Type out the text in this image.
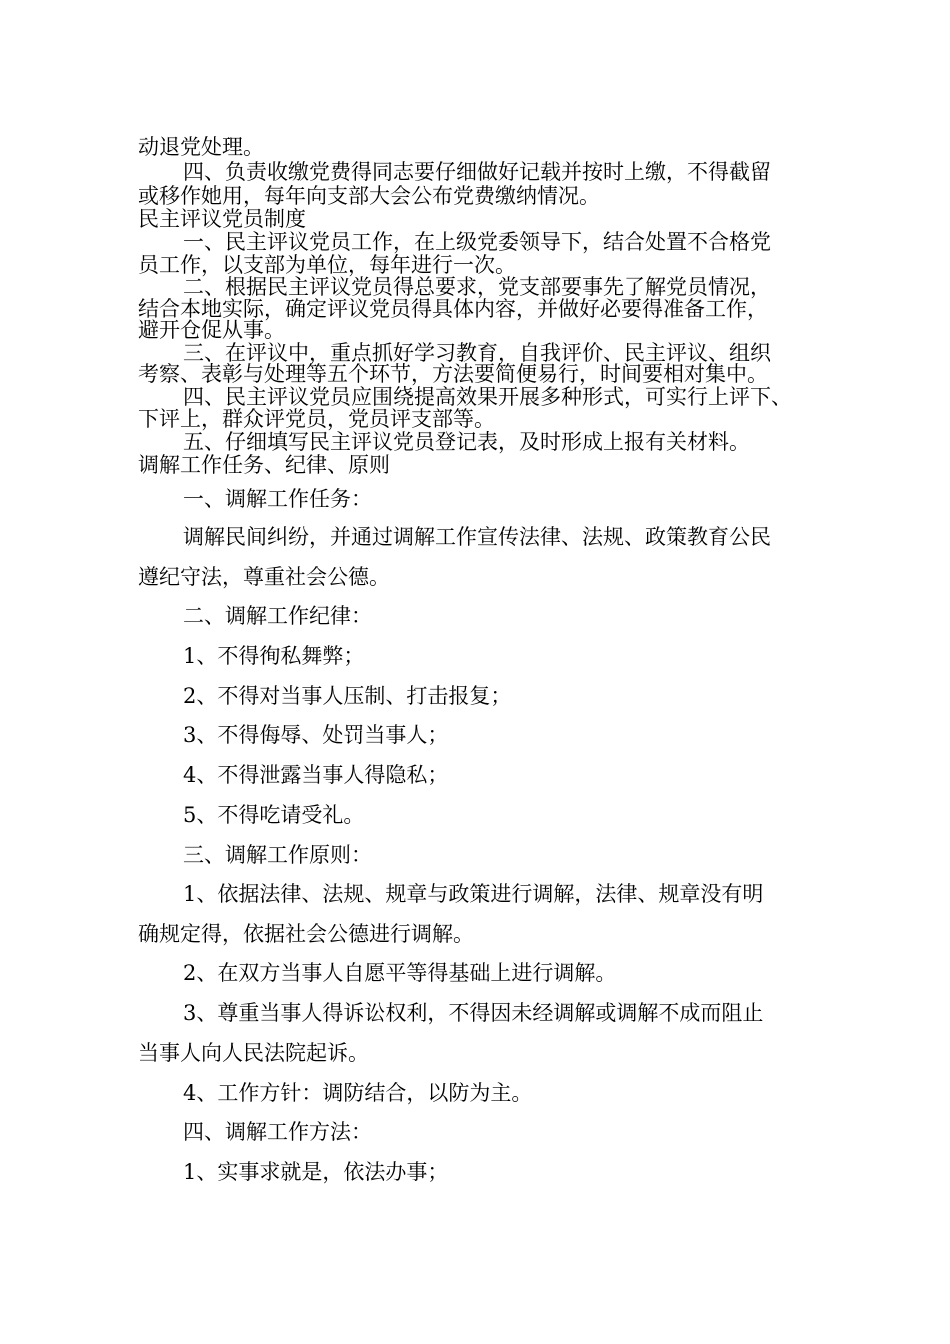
动退党处理。
四、负责收缴党费得同志要仔细做好记载并按时上缴，不得截留
或移作她用，每年向支部大会公布党费缴纳情况。
民主评议党员制度
一、民主评议党员工作，在上级党委领导下，结合处置不合格党
员工作，以支部为单位，每年进行一次。
二、根据民主评议党员得总要求，党支部要事先了解党员情况，
结合本地实际，确定评议党员得具体内容，并做好必要得准备工作，
避开仓促从事。
三、在评议中，重点抓好学习教育，自我评价、民主评议、组织
考察、表彰与处理等五个环节，方法要简便易行，时间要相对集中。
四、民主评议党员应围绕提高效果开展多种形式，可实行上评下、
下评上，群众评党员，党员评支部等。
五、仔细填写民主评议党员登记表，及时形成上报有关材料。
调解工作任务、纪律、原则
一、调解工作任务：
调解民间纠纷，并通过调解工作宣传法律、法规、政策教育公民
遵纪守法，尊重社会公德。
二、调解工作纪律：
1、不得徇私舞弊；
2、不得对当事人压制、打击报复；
3、不得侮辱、处罚当事人；
4、不得泄露当事人得隐私；
5、不得吃请受礼。
三、调解工作原则：
1、依据法律、法规、规章与政策进行调解，法律、规章没有明
确规定得，依据社会公德进行调解。
2、在双方当事人自愿平等得基础上进行调解。
3、尊重当事人得诉讼权利，不得因未经调解或调解不成而阻止
当事人向人民法院起诉。
4、工作方针：调防结合，以防为主。
四、调解工作方法：
1、实事求就是，依法办事；
